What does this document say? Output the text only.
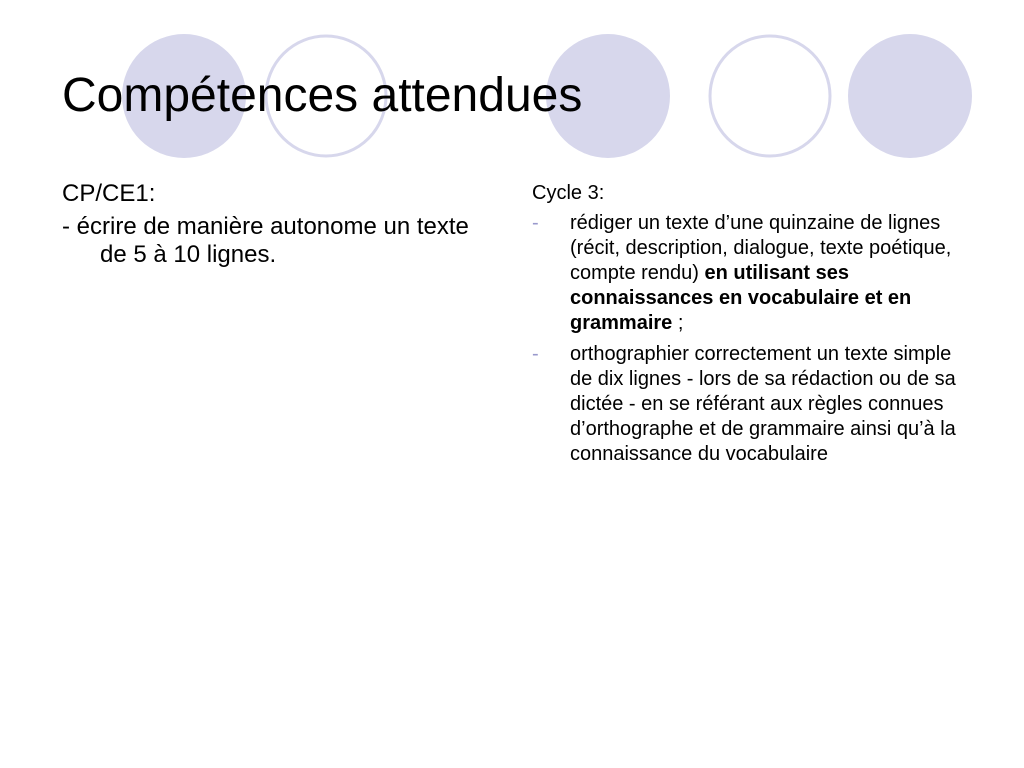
Compétences attendues

CP/CE1:

- écrire de manière autonome un texte de 5 à 10 lignes.

Cycle 3:

- rédiger un texte d’une quinzaine de lignes (récit, description, dialogue, texte poétique, compte rendu) en utilisant ses connaissances en vocabulaire et en grammaire ;
- orthographier correctement un texte simple de dix lignes - lors de sa rédaction ou de sa dictée - en se référant aux règles connues d’orthographe et de grammaire ainsi qu’à la connaissance du vocabulaire
